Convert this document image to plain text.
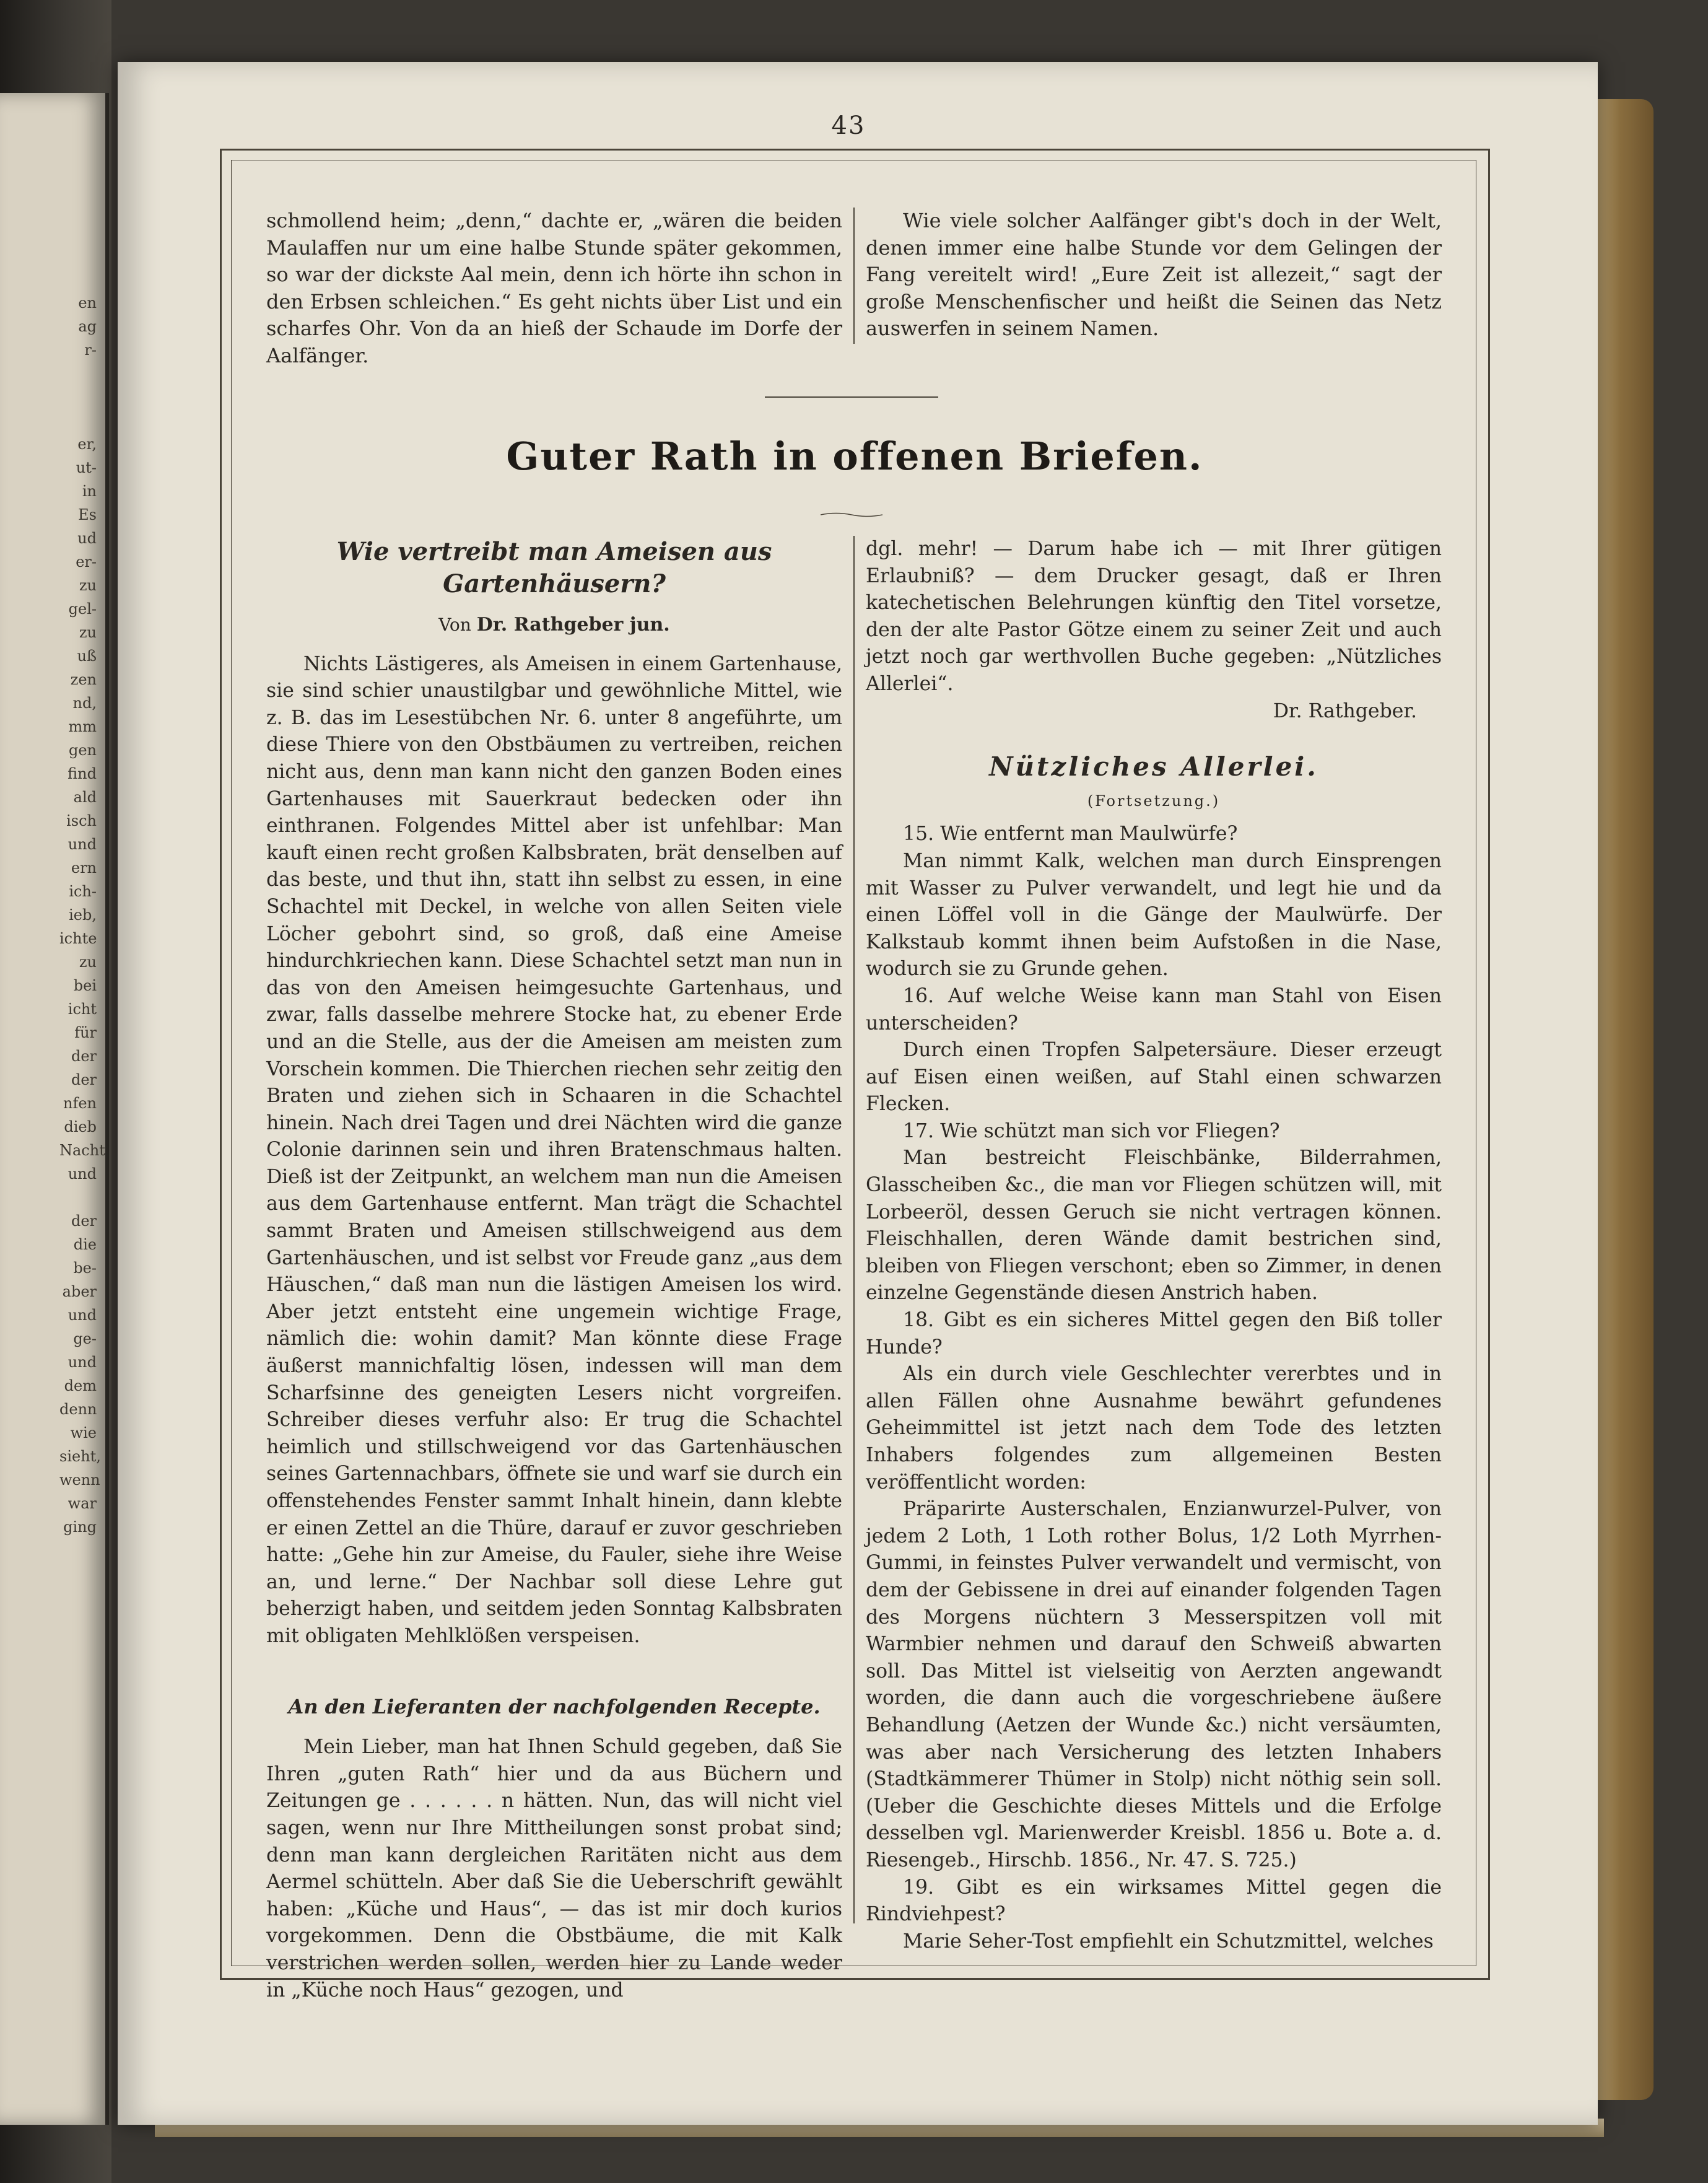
en
ag
r-

er,
ut-
in
Es
ud
er-
zu
gel-
zu
uß
zen
nd,
mm
gen
find
ald
isch
und
ern
ich-
ieb,
ichte
zu
bei
icht
für
der
der
nfen
dieb
Nacht
und

der
die
be-
aber
und
ge-
und
dem
denn
wie
sieht,
wenn
war
ging
43

schmollend heim; „denn,“ dachte er, „wären die beiden Maulaffen nur um eine halbe Stunde später gekommen, so war der dickste Aal mein, denn ich hörte ihn schon in den Erbsen schleichen.“ Es geht nichts über List und ein scharfes Ohr. Von da an hieß der Schaude im Dorfe der Aalfänger.

Wie viele solcher Aalfänger gibt's doch in der Welt, denen immer eine halbe Stunde vor dem Gelingen der Fang vereitelt wird! „Eure Zeit ist allezeit,“ sagt der große Menschenfischer und heißt die Seinen das Netz auswerfen in seinem Namen.

Guter Rath in offenen Briefen.
Wie vertreibt man Ameisen aus Gartenhäusern?
Von Dr. Rathgeber jun.

Nichts Lästigeres, als Ameisen in einem Gartenhause, sie sind schier unaustilgbar und gewöhnliche Mittel, wie z. B. das im Lesestübchen Nr. 6. unter 8 angeführte, um diese Thiere von den Obstbäumen zu vertreiben, reichen nicht aus, denn man kann nicht den ganzen Boden eines Gartenhauses mit Sauerkraut bedecken oder ihn einthranen. Folgendes Mittel aber ist unfehlbar: Man kauft einen recht großen Kalbsbraten, brät denselben auf das beste, und thut ihn, statt ihn selbst zu essen, in eine Schachtel mit Deckel, in welche von allen Seiten viele Löcher gebohrt sind, so groß, daß eine Ameise hindurchkriechen kann. Diese Schachtel setzt man nun in das von den Ameisen heimgesuchte Gartenhaus, und zwar, falls dasselbe mehrere Stocke hat, zu ebener Erde und an die Stelle, aus der die Ameisen am meisten zum Vorschein kommen. Die Thierchen riechen sehr zeitig den Braten und ziehen sich in Schaaren in die Schachtel hinein. Nach drei Tagen und drei Nächten wird die ganze Colonie darinnen sein und ihren Bratenschmaus halten. Dieß ist der Zeitpunkt, an welchem man nun die Ameisen aus dem Gartenhause entfernt. Man trägt die Schachtel sammt Braten und Ameisen stillschweigend aus dem Gartenhäuschen, und ist selbst vor Freude ganz „aus dem Häuschen,“ daß man nun die lästigen Ameisen los wird. Aber jetzt entsteht eine ungemein wichtige Frage, nämlich die: wohin damit? Man könnte diese Frage äußerst mannichfaltig lösen, indessen will man dem Scharfsinne des geneigten Lesers nicht vorgreifen. Schreiber dieses verfuhr also: Er trug die Schachtel heimlich und stillschweigend vor das Gartenhäuschen seines Gartennachbars, öffnete sie und warf sie durch ein offenstehendes Fenster sammt Inhalt hinein, dann klebte er einen Zettel an die Thüre, darauf er zuvor geschrieben hatte: „Gehe hin zur Ameise, du Fauler, siehe ihre Weise an, und lerne.“ Der Nachbar soll diese Lehre gut beherzigt haben, und seitdem jeden Sonntag Kalbsbraten mit obligaten Mehlklößen verspeisen.

An den Lieferanten der nachfolgenden Recepte.

Mein Lieber, man hat Ihnen Schuld gegeben, daß Sie Ihren „guten Rath“ hier und da aus Büchern und Zeitungen ge . . . . . . n hätten. Nun, das will nicht viel sagen, wenn nur Ihre Mittheilungen sonst probat sind; denn man kann dergleichen Raritäten nicht aus dem Aermel schütteln. Aber daß Sie die Ueberschrift gewählt haben: „Küche und Haus“, — das ist mir doch kurios vorgekommen. Denn die Obstbäume, die mit Kalk verstrichen werden sollen, werden hier zu Lande weder in „Küche noch Haus“ gezogen, und

dgl. mehr! — Darum habe ich — mit Ihrer gütigen Erlaubniß? — dem Drucker gesagt, daß er Ihren katechetischen Belehrungen künftig den Titel vorsetze, den der alte Pastor Götze einem zu seiner Zeit und auch jetzt noch gar werthvollen Buche gegeben: „Nützliches Allerlei“.

Dr. Rathgeber.
Nützliches Allerlei.
(Fortsetzung.)

15. Wie entfernt man Maulwürfe?

Man nimmt Kalk, welchen man durch Einsprengen mit Wasser zu Pulver verwandelt, und legt hie und da einen Löffel voll in die Gänge der Maulwürfe. Der Kalkstaub kommt ihnen beim Aufstoßen in die Nase, wodurch sie zu Grunde gehen.

16. Auf welche Weise kann man Stahl von Eisen unterscheiden?

Durch einen Tropfen Salpetersäure. Dieser erzeugt auf Eisen einen weißen, auf Stahl einen schwarzen Flecken.

17. Wie schützt man sich vor Fliegen?

Man bestreicht Fleischbänke, Bilderrahmen, Glasscheiben &c., die man vor Fliegen schützen will, mit Lorbeeröl, dessen Geruch sie nicht vertragen können. Fleischhallen, deren Wände damit bestrichen sind, bleiben von Fliegen verschont; eben so Zimmer, in denen einzelne Gegenstände diesen Anstrich haben.

18. Gibt es ein sicheres Mittel gegen den Biß toller Hunde?

Als ein durch viele Geschlechter vererbtes und in allen Fällen ohne Ausnahme bewährt gefundenes Geheimmittel ist jetzt nach dem Tode des letzten Inhabers folgendes zum allgemeinen Besten veröffentlicht worden:

Präparirte Austerschalen, Enzianwurzel-Pulver, von jedem 2 Loth, 1 Loth rother Bolus, 1/2 Loth Myrrhen-Gummi, in feinstes Pulver verwandelt und vermischt, von dem der Gebissene in drei auf einander folgenden Tagen des Morgens nüchtern 3 Messerspitzen voll mit Warmbier nehmen und darauf den Schweiß abwarten soll. Das Mittel ist vielseitig von Aerzten angewandt worden, die dann auch die vorgeschriebene äußere Behandlung (Aetzen der Wunde &c.) nicht versäumten, was aber nach Versicherung des letzten Inhabers (Stadtkämmerer Thümer in Stolp) nicht nöthig sein soll. (Ueber die Geschichte dieses Mittels und die Erfolge desselben vgl. Marienwerder Kreisbl. 1856 u. Bote a. d. Riesengeb., Hirschb. 1856., Nr. 47. S. 725.)

19. Gibt es ein wirksames Mittel gegen die Rindviehpest?

Marie Seher-Tost empfiehlt ein Schutzmittel, welches
